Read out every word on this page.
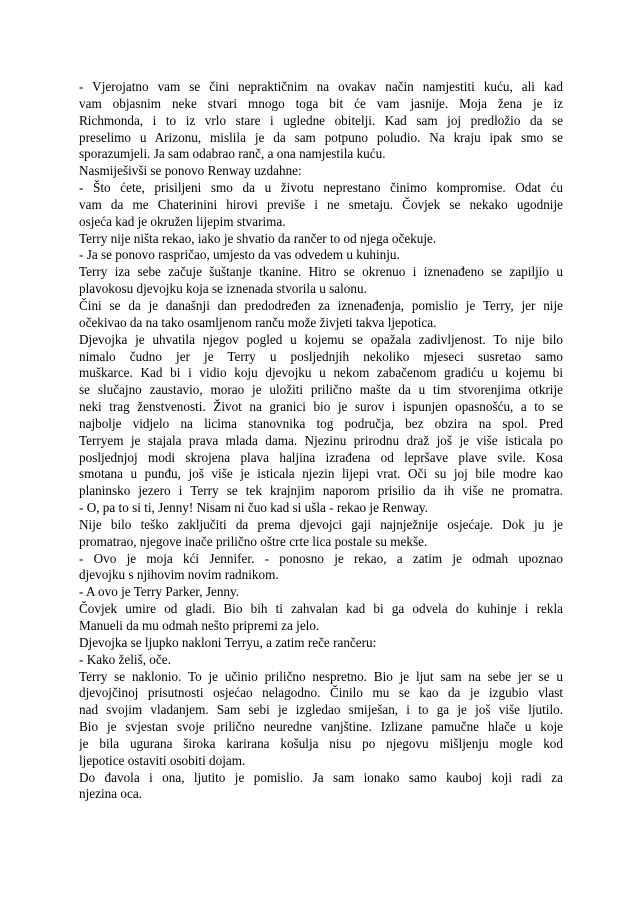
- Vjerojatno vam se čini nepraktičnim na ovakav način namjestiti kuću, ali kad
vam objasnim neke stvari mnogo toga bit će vam jasnije. Moja žena je iz
Richmonda, i to iz vrlo stare i ugledne obitelji. Kad sam joj predložio da se
preselimo u Arizonu, mislila je da sam potpuno poludio. Na kraju ipak smo se
sporazumjeli. Ja sam odabrao ranč, a ona namjestila kuću.
Nasmiješivši se ponovo Renway uzdahne:
- Što ćete, prisiljeni smo da u životu neprestano činimo kompromise. Odat ću
vam da me Chaterinini hirovi previše i ne smetaju. Čovjek se nekako ugodnije
osjeća kad je okružen lijepim stvarima.
Terry nije ništa rekao, iako je shvatio da rančer to od njega očekuje.
- Ja se ponovo raspričao, umjesto da vas odvedem u kuhinju.
Terry iza sebe začuje šuštanje tkanine. Hitro se okrenuo i iznenađeno se zapiljio u
plavokosu djevojku koja se iznenada stvorila u salonu.
Čini se da je današnji dan predodređen za iznenađenja, pomislio je Terry, jer nije
očekivao da na tako osamljenom ranču može živjeti takva ljepotica.
Djevojka je uhvatila njegov pogled u kojemu se opažala zadivljenost. To nije bilo
nimalo čudno jer je Terry u posljednjih nekoliko mjeseci susretao samo
muškarce. Kad bi i vidio koju djevojku u nekom zabačenom gradiću u kojemu bi
se slučajno zaustavio, morao je uložiti prilično mašte da u tim stvorenjima otkrije
neki trag ženstvenosti. Život na granici bio je surov i ispunjen opasnošću, a to se
najbolje vidjelo na licima stanovnika tog područja, bez obzira na spol. Pred
Terryem je stajala prava mlada dama. Njezinu prirodnu draž još je više isticala po
posljednjoj modi skrojena plava haljina izrađena od lepršave plave svile. Kosa
smotana u punđu, još više je isticala njezin lijepi vrat. Oči su joj bile modre kao
planinsko jezero i Terry se tek krajnjim naporom prisilio da ih više ne promatra.
- O, pa to si ti, Jenny! Nisam ni čuo kad si ušla - rekao je Renway.
Nije bilo teško zaključiti da prema djevojci gaji najnježnije osjećaje. Dok ju je
promatrao, njegove inače prilično oštre crte lica postale su mekše.
- Ovo je moja kći Jennifer. - ponosno je rekao, a zatim je odmah upoznao
djevojku s njihovim novim radnikom.
- A ovo je Terry Parker, Jenny.
Čovjek umire od gladi. Bio bih ti zahvalan kad bi ga odvela do kuhinje i rekla
Manueli da mu odmah nešto pripremi za jelo.
Djevojka se ljupko nakloni Terryu, a zatim reče rančeru:
- Kako želiš, oče.
Terry se naklonio. To je učinio prilično nespretno. Bio je ljut sam na sebe jer se u
djevojčinoj prisutnosti osjećao nelagodno. Činilo mu se kao da je izgubio vlast
nad svojim vladanjem. Sam sebi je izgledao smiješan, i to ga je još više ljutilo.
Bio je svjestan svoje prilično neuredne vanjštine. Izlizane pamučne hlače u koje
je bila ugurana široka karirana košulja nisu po njegovu mišljenju mogle kod
ljepotice ostaviti osobiti dojam.
Do đavola i ona, ljutito je pomislio. Ja sam ionako samo kauboj koji radi za
njezina oca.
